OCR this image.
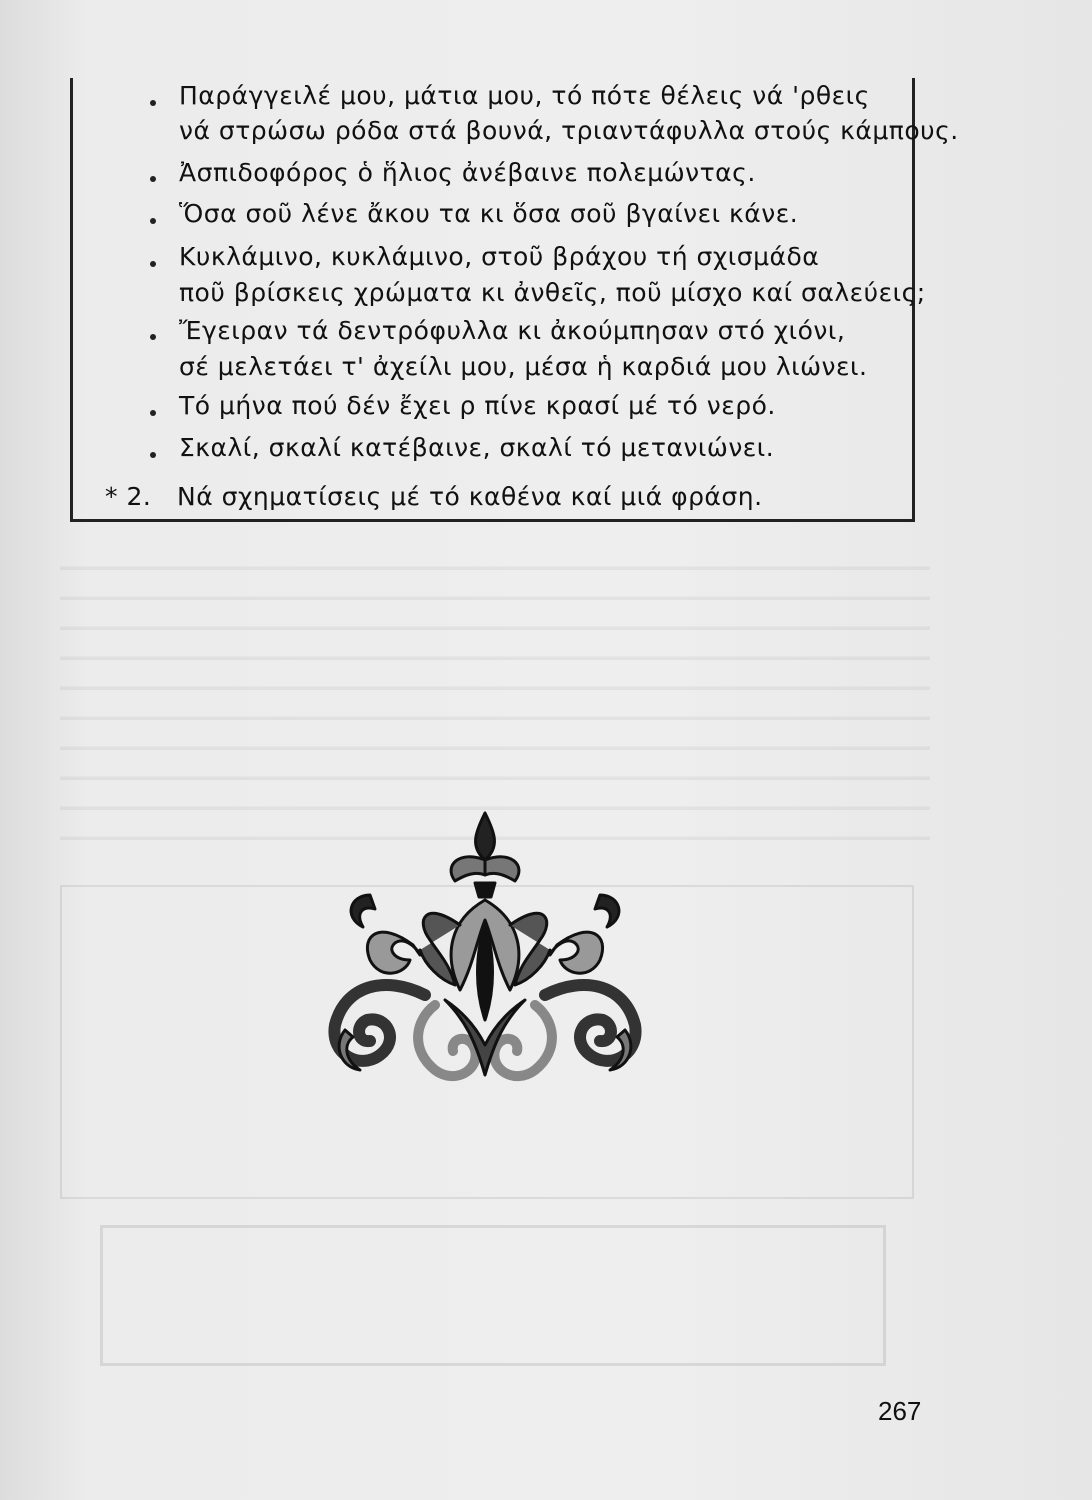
Παράγγειλέ μου, μάτια μου, τό πότε θέλεις νά 'ρθεις
νά στρώσω ρόδα στά βουνά, τριαντάφυλλα στούς κάμπους.
Ἀσπιδοφόρος ὁ ἥλιος ἀνέβαινε πολεμώντας.
Ὅσα σοῦ λένε ἄκου τα κι ὅσα σοῦ βγαίνει κάνε.
Κυκλάμινο, κυκλάμινο, στοῦ βράχου τή σχισμάδα
ποῦ βρίσκεις χρώματα κι ἀνθεῖς, ποῦ μίσχο καί σαλεύεις;
Ἔγειραν τά δεντρόφυλλα κι ἀκούμπησαν στό χιόνι,
σέ μελετάει τ' ἀχείλι μου, μέσα ἡ καρδιά μου λιώνει.
Τό μήνα πού δέν ἔχει ρ πίνε κρασί μέ τό νερό.
Σκαλί, σκαλί κατέβαινε, σκαλί τό μετανιώνει.
* 2. Νά σχηματίσεις μέ τό καθένα καί μιά φράση.
267
